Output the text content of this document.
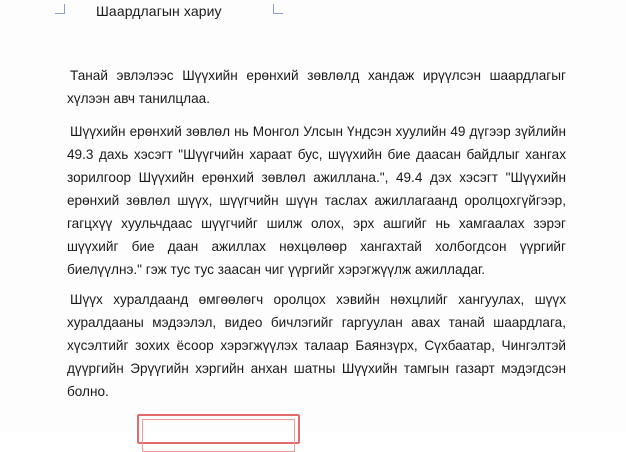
Шаардлагын хариу

Танай эвлэлээс Шүүхийн ерөнхий зөвлөлд хандаж ирүүлсэн шаардлагыг хүлээн авч танилцлаа.

Шүүхийн ерөнхий зөвлөл нь Монгол Улсын Үндсэн хуулийн 49 дүгээр зүйлийн 49.3 дахь хэсэгт "Шүүгчийн хараат бус, шүүхийн бие даасан байдлыг хангах зорилгоор Шүүхийн ерөнхий зөвлөл ажиллана.", 49.4 дэх хэсэгт "Шүүхийн ерөнхий зөвлөл шүүх, шүүгчийн шүүн таслах ажиллагаанд оролцохгүйгээр, гагцхүү хуульчдаас шүүгчийг шилж олох, эрх ашгийг нь хамгаалах зэрэг шүүхийг бие даан ажиллах нөхцөлөөр хангахтай холбогдсон үүргийг биелүүлнэ." гэж тус тус заасан чиг үүргийг хэрэгжүүлж ажилладаг.

Шүүх хуралдаанд өмгөөлөгч оролцох хэвийн нөхцлийг хангуулах, шүүх хуралдааны мэдээлэл, видео бичлэгийг гаргуулан авах танай шаардлага, хүсэлтийг зохих ёсоор хэрэгжүүлэх талаар Баянзүрх, Сүхбаатар, Чингэлтэй дүүргийн Эрүүгийн хэргийн анхан шатны Шүүхийн тамгын газарт мэдэгдсэн болно.
